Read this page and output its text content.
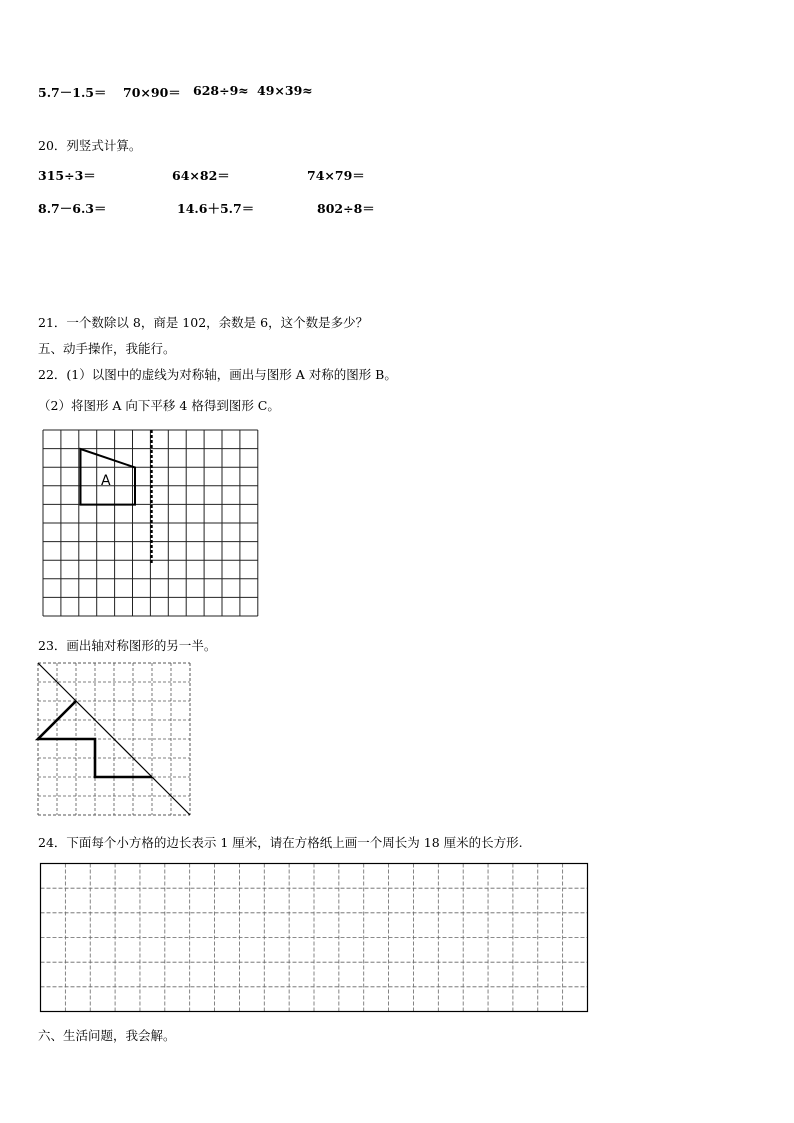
5.7－1.5＝ 70×90＝ 628÷9≈ 49×39≈
20．列竖式计算。
315÷3＝	64×82＝	74×79＝
8.7－6.3＝	14.6＋5.7＝	802÷8＝
21．一个数除以 8，商是 102，余数是 6，这个数是多少？
五、动手操作，我能行。
22．(1）以图中的虚线为对称轴，画出与图形 A 对称的图形 B。
（2）将图形 A 向下平移 4 格得到图形 C。
A
23．画出轴对称图形的另一半。
24．下面每个小方格的边长表示 1 厘米，请在方格纸上画一个周长为 18 厘米的长方形.
六、生活问题，我会解。
